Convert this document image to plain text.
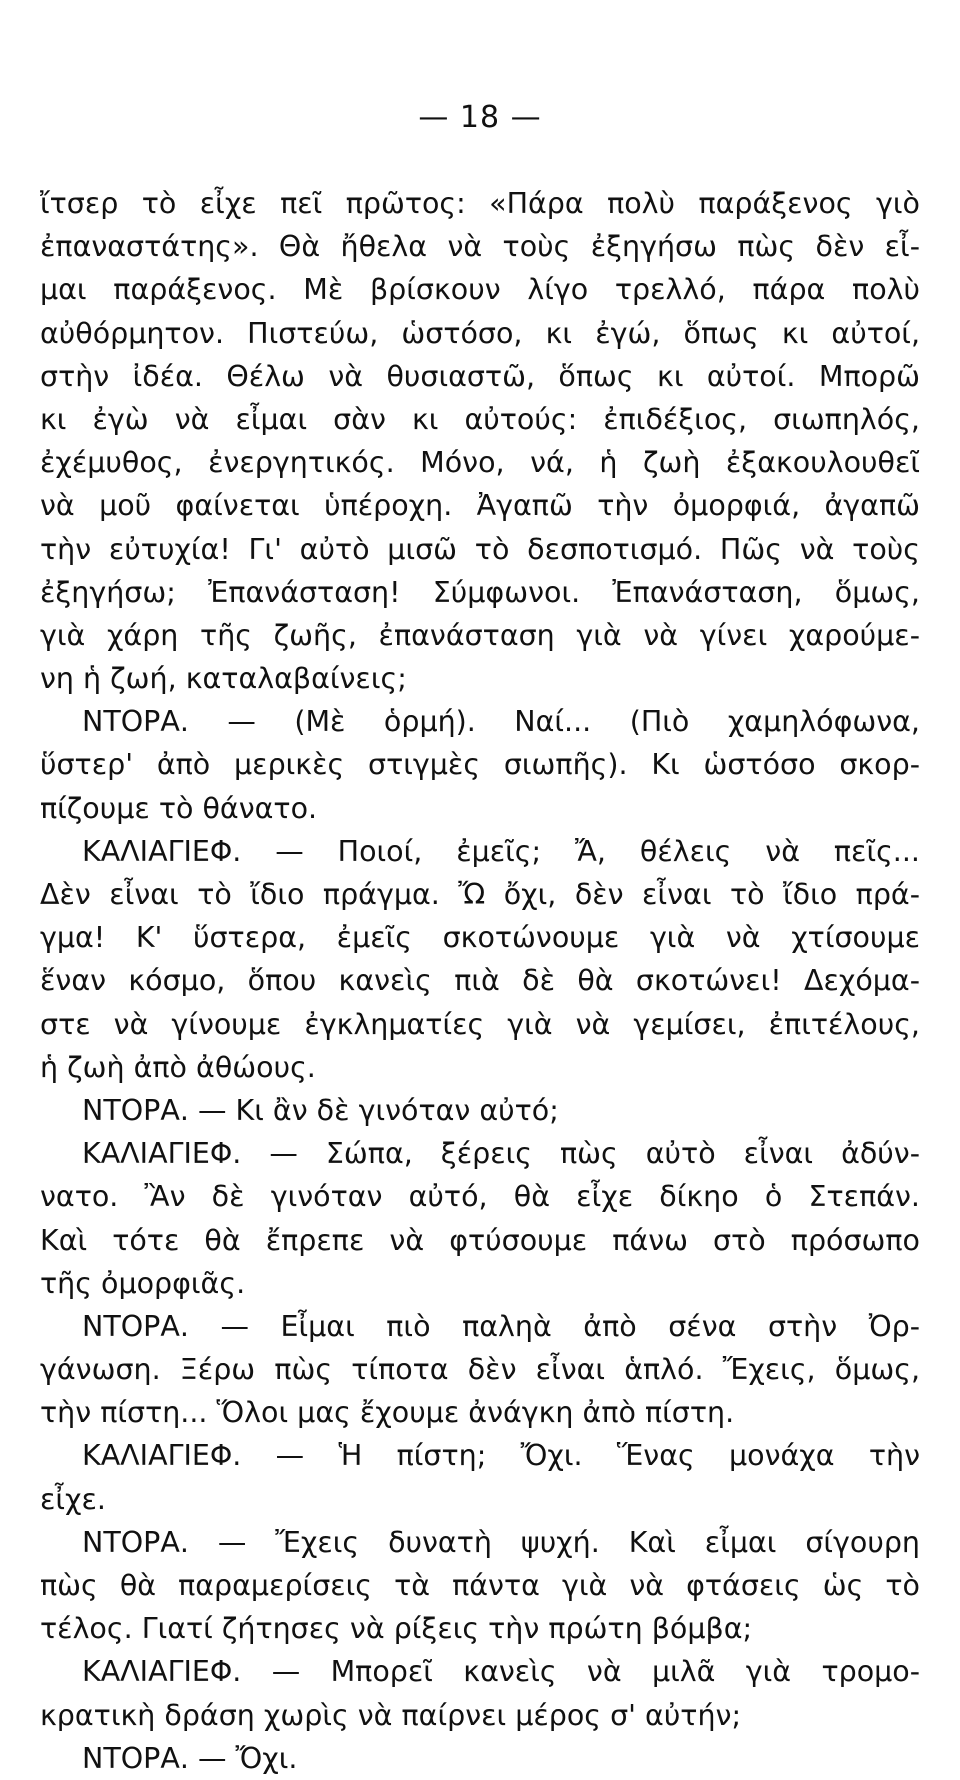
— 18 —
ἴτσερ τὸ εἶχε πεῖ πρῶτος: «Πάρα πολὺ παράξενος γιὸ
ἐπαναστάτης». Θὰ ἤθελα νὰ τοὺς ἐξηγήσω πὼς δὲν εἶ-
μαι παράξενος. Μὲ βρίσκουν λίγο τρελλό, πάρα πολὺ
αὐθόρμητον. Πιστεύω, ὡστόσο, κι ἐγώ, ὅπως κι αὐτοί,
στὴν ἰδέα. Θέλω νὰ θυσιαστῶ, ὅπως κι αὐτοί. Μπορῶ
κι ἐγὼ νὰ εἶμαι σὰν κι αὐτούς: ἐπιδέξιος, σιωπηλός,
ἐχέμυθος, ἐνεργητικός. Μόνο, νά, ἡ ζωὴ ἐξακουλουθεῖ
νὰ μοῦ φαίνεται ὑπέροχη. Ἀγαπῶ τὴν ὀμορφιά, ἀγαπῶ
τὴν εὐτυχία! Γι' αὐτὸ μισῶ τὸ δεσποτισμό. Πῶς νὰ τοὺς
ἐξηγήσω; Ἐπανάσταση! Σύμφωνοι. Ἐπανάσταση, ὅμως,
γιὰ χάρη τῆς ζωῆς, ἐπανάσταση γιὰ νὰ γίνει χαρούμε-
νη ἡ ζωή, καταλαβαίνεις;
ΝΤΟΡΑ. — (Μὲ ὁρμή). Ναί... (Πιὸ χαμηλόφωνα,
ὕστερ' ἀπὸ μερικὲς στιγμὲς σιωπῆς). Κι ὡστόσο σκορ-
πίζουμε τὸ θάνατο.
ΚΑΛΙΑΓΙΕΦ. — Ποιοί, ἐμεῖς; Ἄ, θέλεις νὰ πεῖς...
Δὲν εἶναι τὸ ἴδιο πράγμα. Ὤ ὄχι, δὲν εἶναι τὸ ἴδιο πρά-
γμα! Κ' ὕστερα, ἐμεῖς σκοτώνουμε γιὰ νὰ χτίσουμε
ἕναν κόσμο, ὅπου κανεὶς πιὰ δὲ θὰ σκοτώνει! Δεχόμα-
στε νὰ γίνουμε ἐγκληματίες γιὰ νὰ γεμίσει, ἐπιτέλους,
ἡ ζωὴ ἀπὸ ἀθώους.
ΝΤΟΡΑ. — Κι ἂν δὲ γινόταν αὐτό;
ΚΑΛΙΑΓΙΕΦ. — Σώπα, ξέρεις πὼς αὐτὸ εἶναι ἀδύν-
νατο. Ἂν δὲ γινόταν αὐτό, θὰ εἶχε δίκηο ὁ Στεπάν.
Καὶ τότε θὰ ἔπρεπε νὰ φτύσουμε πάνω στὸ πρόσωπο
τῆς ὀμορφιᾶς.
ΝΤΟΡΑ. — Εἶμαι πιὸ παληὰ ἀπὸ σένα στὴν Ὀρ-
γάνωση. Ξέρω πὼς τίποτα δὲν εἶναι ἁπλό. Ἔχεις, ὅμως,
τὴν πίστη... Ὅλοι μας ἔχουμε ἀνάγκη ἀπὸ πίστη.
ΚΑΛΙΑΓΙΕΦ. — Ἡ πίστη; Ὄχι. Ἕνας μονάχα τὴν
εἶχε.
ΝΤΟΡΑ. — Ἔχεις δυνατὴ ψυχή. Καὶ εἶμαι σίγουρη
πὼς θὰ παραμερίσεις τὰ πάντα γιὰ νὰ φτάσεις ὡς τὸ
τέλος. Γιατί ζήτησες νὰ ρίξεις τὴν πρώτη βόμβα;
ΚΑΛΙΑΓΙΕΦ. — Μπορεῖ κανεὶς νὰ μιλᾶ γιὰ τρομο-
κρατικὴ δράση χωρὶς νὰ παίρνει μέρος σ' αὐτήν;
ΝΤΟΡΑ. — Ὄχι.
